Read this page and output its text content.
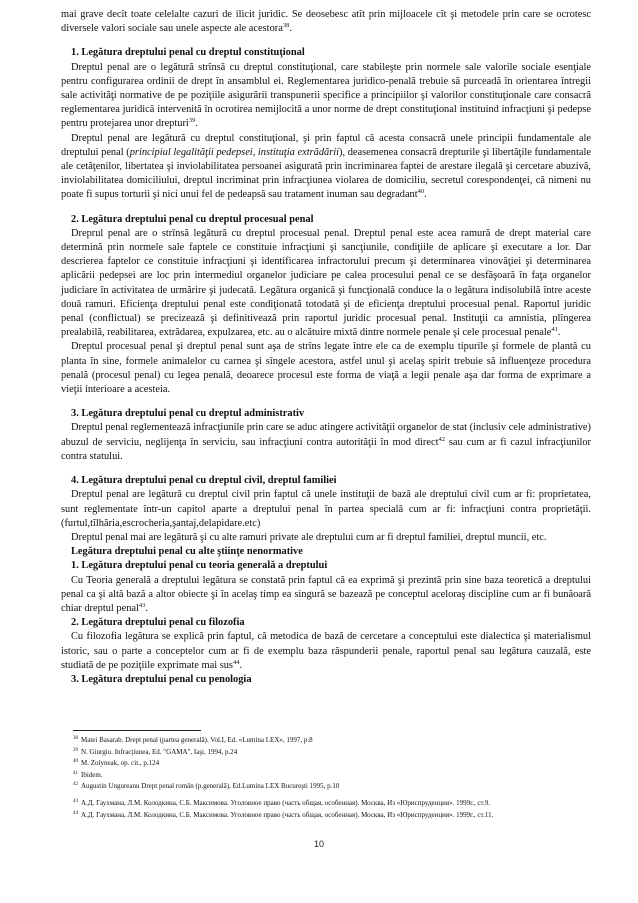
mai grave decît toate celelalte cazuri de ilicit juridic. Se deosebesc atît prin mijloacele cît şi metodele prin care se ocrotesc diversele valori sociale sau unele aspecte ale acestora$^{38}$.

1. Legătura dreptului penal cu dreptul constituţional

Dreptul penal are o legătură strînsă cu dreptul constituţional, care stabileşte prin normele sale valorile sociale esenţiale pentru configurarea ordinii de drept în ansamblul ei. Reglementarea juridico-penală trebuie să purceadă în orientarea întregii sale activităţi normative de pe poziţiile asigurării transpunerii specifice a principiilor şi valorilor constituţionale care consacră reglementarea juridică intervenită în ocrotirea nemijlocită a unor norme de drept constituţional instituind infracţiuni şi pedepse pentru protejarea unor drepturi$^{39}$.

Dreptul penal are legătură cu dreptul constituţional, şi prin faptul că acesta consacră unele principii fundamentale ale dreptului penal (principiul legalităţii pedepsei, instituţia extrădării), deasemenea consacră drepturile şi libertăţile fundamentale ale cetăţenilor, libertatea şi inviolabilitatea persoanei asigurată prin incriminarea faptei de arestare ilegală şi cercetare abuzivă, inviolabilitatea domiciliului, dreptul incriminat prin infracţiunea violarea de domiciliu, secretul corespondenţei, că nimeni nu poate fi supus torturii şi nici unui fel de pedeapsă sau tratament inuman sau degradant$^{40}$.

2. Legătura dreptului penal cu dreptul procesual penal

Dreprul penal are o strînsă legătură cu dreptul procesual penal. Dreptul penal este acea ramură de drept material care determină prin normele sale faptele ce constituie infracţiuni şi sancţiunile, condiţiile de aplicare şi executare a lor. Dar descrierea faptelor ce constituie infracţiuni şi identificarea infractorului precum şi determinarea vinovăţiei şi determinarea aplicării pedepsei are loc prin intermediul organelor judiciare pe calea procesului penal ce se desfăşoară în faţa organelor judiciare în activitatea de urmărire şi judecată. Legătura organică şi funcţională conduce la o legătura indisolubilă între aceste două ramuri. Eficienţa dreptului penal este condiţionată totodată şi de eficienţa dreptului procesual penal. Raportul juridic penal (conflictual) se precizează şi definitivează prin raportul juridic procesual penal. Instituţii ca amnistia, plîngerea prealabilă, reabilitarea, extrădarea, expulzarea, etc. au o alcătuire mixtă dintre normele penale şi cele procesual penale$^{41}$.

Dreptul procesual penal şi dreptul penal sunt aşa de strîns legate între ele ca de exemplu tipurile şi formele de plantă cu planta în sine, formele animalelor cu carnea şi sîngele acestora, astfel unul şi acelaş spirit trebuie să influenţeze procedura penală (procesul penal) cu legea penală, deoarece procesul este forma de viaţă a legii penale aşa dar forma de exprimare a vieţii interioare a acesteia.

3. Legătura dreptului penal cu dreptul administrativ

Dreptul penal reglementează infracţiunile prin care se aduc atingere activităţii organelor de stat (inclusiv cele administrative) abuzul de serviciu, neglijenţa în serviciu, sau infracţiuni contra autorităţii în mod direct$^{42}$ sau cum ar fi cazul infracţiunilor contra statului.

4. Legătura dreptului penal cu dreptul civil, dreptul familiei

Dreptul penal are legătură cu dreptul civil prin faptul că unele instituţii de bază ale dreptului civil cum ar fi: proprietatea, sunt reglementate într-un capitol aparte a dreptului penal în partea specială cum ar fi: infracţiuni contra proprietăţii.(furtul,tîlhăria,escrocheria,şantaj,delapidare.etc)

Dreptul penal mai are legătură şi cu alte ramuri private ale dreptului cum ar fi dreptul familiei, dreptul muncii, etc.

Legătura dreptului penal cu alte ştiinţe nenormative

1. Legătura dreptului penal cu teoria generală a dreptului

Cu Teoria generală a dreptului legătura se constată prin faptul că ea exprimă şi prezintă prin sine baza teoretică a dreptului penal ca şi altă bază a altor obiecte şi în acelaş timp ea singură se bazează pe conceptul aceloraş discipline cum ar fi bunăoară chiar dreptul penal$^{43}$.

2. Legătura dreptului penal cu filozofia

Cu filozofia legătura se explică prin faptul, că metodica de bază de cercetare a conceptului este dialectica şi materialismul istoric, sau o parte a conceptelor cum ar fi de exemplu baza răspunderii penale, raportul penal sau legătura cauzală, este studiată de pe poziţiile exprimate mai sus$^{44}$.

3. Legătura dreptului penal cu penologia

$^{38}$ Matei Basarab. Drept penal (partea generală). Vol.I, Ed. «Lumina LEX», 1997, p.8

$^{39}$ N. Giurgiu. Infracţiunea, Ed. "GAMA", Iaşi, 1994, p.24

$^{40}$ M. Zolyneak, op. cit., p.124

$^{41}$ Ibidem.

$^{42}$ Augustin Ungureanu Drept penal român (p.generală), Ed.Lumina LEX Bucureşti 1995, p.10

$^{43}$ А.Д. Гаухмана, Л.М. Колодкина, С.Б. Максимова. Уголовное право (часть общая, особенная). Москва, Из «Юриспруденция». 1999г., ст.9.

$^{44}$ А.Д. Гаухмана, Л.М. Колодкина, С.Б. Максимова. Уголовное право (часть общая, особенная). Москва, Из «Юриспруденция». 1999г., ст.11.

10
